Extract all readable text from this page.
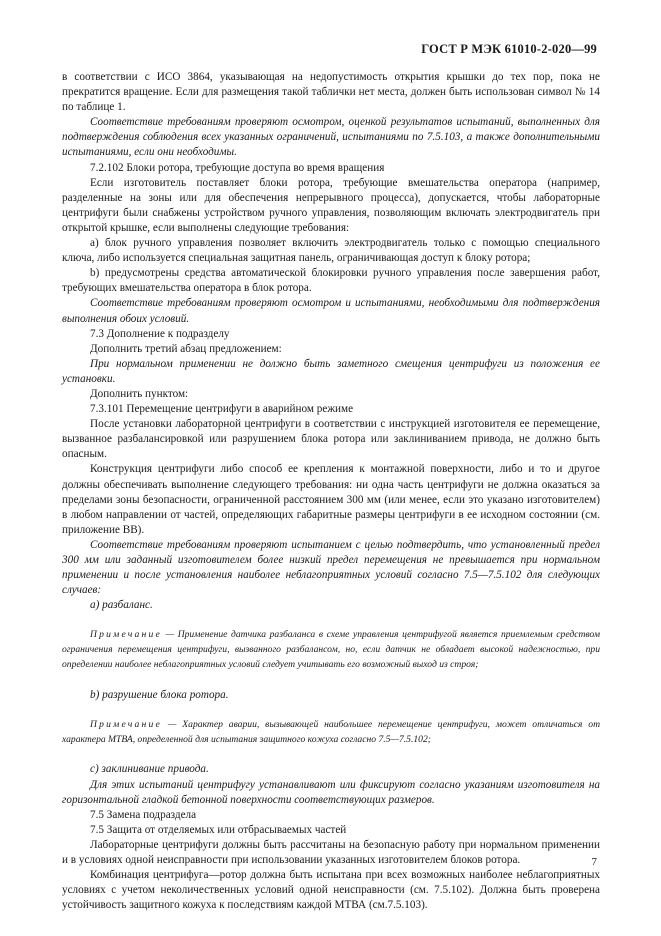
ГОСТ Р МЭК 61010-2-020—99

в соответствии с ИСО 3864, указывающая на недопустимость открытия крышки до тех пор, пока не прекратится вращение. Если для размещения такой таблички нет места, должен быть использован символ № 14 по таблице 1.

Соответствие требованиям проверяют осмотром, оценкой результатов испытаний, выполненных для подтверждения соблюдения всех указанных ограничений, испытаниями по 7.5.103, а также дополнительными испытаниями, если они необходимы.

7.2.102 Блоки ротора, требующие доступа во время вращения

Если изготовитель поставляет блоки ротора, требующие вмешательства оператора (например, разделенные на зоны или для обеспечения непрерывного процесса), допускается, чтобы лабораторные центрифуги были снабжены устройством ручного управления, позволяющим включать электродвигатель при открытой крышке, если выполнены следующие требования:

а) блок ручного управления позволяет включить электродвигатель только с помощью специального ключа, либо используется специальная защитная панель, ограничивающая доступ к блоку ротора;

b) предусмотрены средства автоматической блокировки ручного управления после завершения работ, требующих вмешательства оператора в блок ротора.

Соответствие требованиям проверяют осмотром и испытаниями, необходимыми для подтверждения выполнения обоих условий.

7.3 Дополнение к подразделу

Дополнить третий абзац предложением:

При нормальном применении не должно быть заметного смещения центрифуги из положения ее установки.

Дополнить пунктом:

7.3.101 Перемещение центрифуги в аварийном режиме

После установки лабораторной центрифуги в соответствии с инструкцией изготовителя ее перемещение, вызванное разбалансировкой или разрушением блока ротора или заклиниванием привода, не должно быть опасным.

Конструкция центрифуги либо способ ее крепления к монтажной поверхности, либо и то и другое должны обеспечивать выполнение следующего требования: ни одна часть центрифуги не должна оказаться за пределами зоны безопасности, ограниченной расстоянием 300 мм (или менее, если это указано изготовителем) в любом направлении от частей, определяющих габаритные размеры центрифуги в ее исходном состоянии (см. приложение ВВ).

Соответствие требованиям проверяют испытанием с целью подтвердить, что установленный предел 300 мм или заданный изготовителем более низкий предел перемещения не превышается при нормальном применении и после установления наиболее неблагоприятных условий согласно 7.5—7.5.102 для следующих случаев:

а) разбаланс.

Примечание — Применение датчика разбаланса в схеме управления центрифугой является приемлемым средством ограничения перемещения центрифуги, вызванного разбалансом, но, если датчик не обладает высокой надежностью, при определении наиболее неблагоприятных условий следует учитывать его возможный выход из строя;

b) разрушение блока ротора.

Примечание — Характер аварии, вызывающей наибольшее перемещение центрифуги, может отличаться от характера МТВА, определенной для испытания защитного кожуха согласно 7.5—7.5.102;

c) заклинивание привода.

Для этих испытаний центрифугу устанавливают или фиксируют согласно указаниям изготовителя на горизонтальной гладкой бетонной поверхности соответствующих размеров.

7.5 Замена подраздела

7.5 Защита от отделяемых или отбрасываемых частей

Лабораторные центрифуги должны быть рассчитаны на безопасную работу при нормальном применении и в условиях одной неисправности при использовании указанных изготовителем блоков ротора.

Комбинация центрифуга—ротор должна быть испытана при всех возможных наиболее неблагоприятных условиях с учетом неколичественных условий одной неисправности (см. 7.5.102). Должна быть проверена устойчивость защитного кожуха к последствиям каждой МТВА (см.7.5.103).

7
